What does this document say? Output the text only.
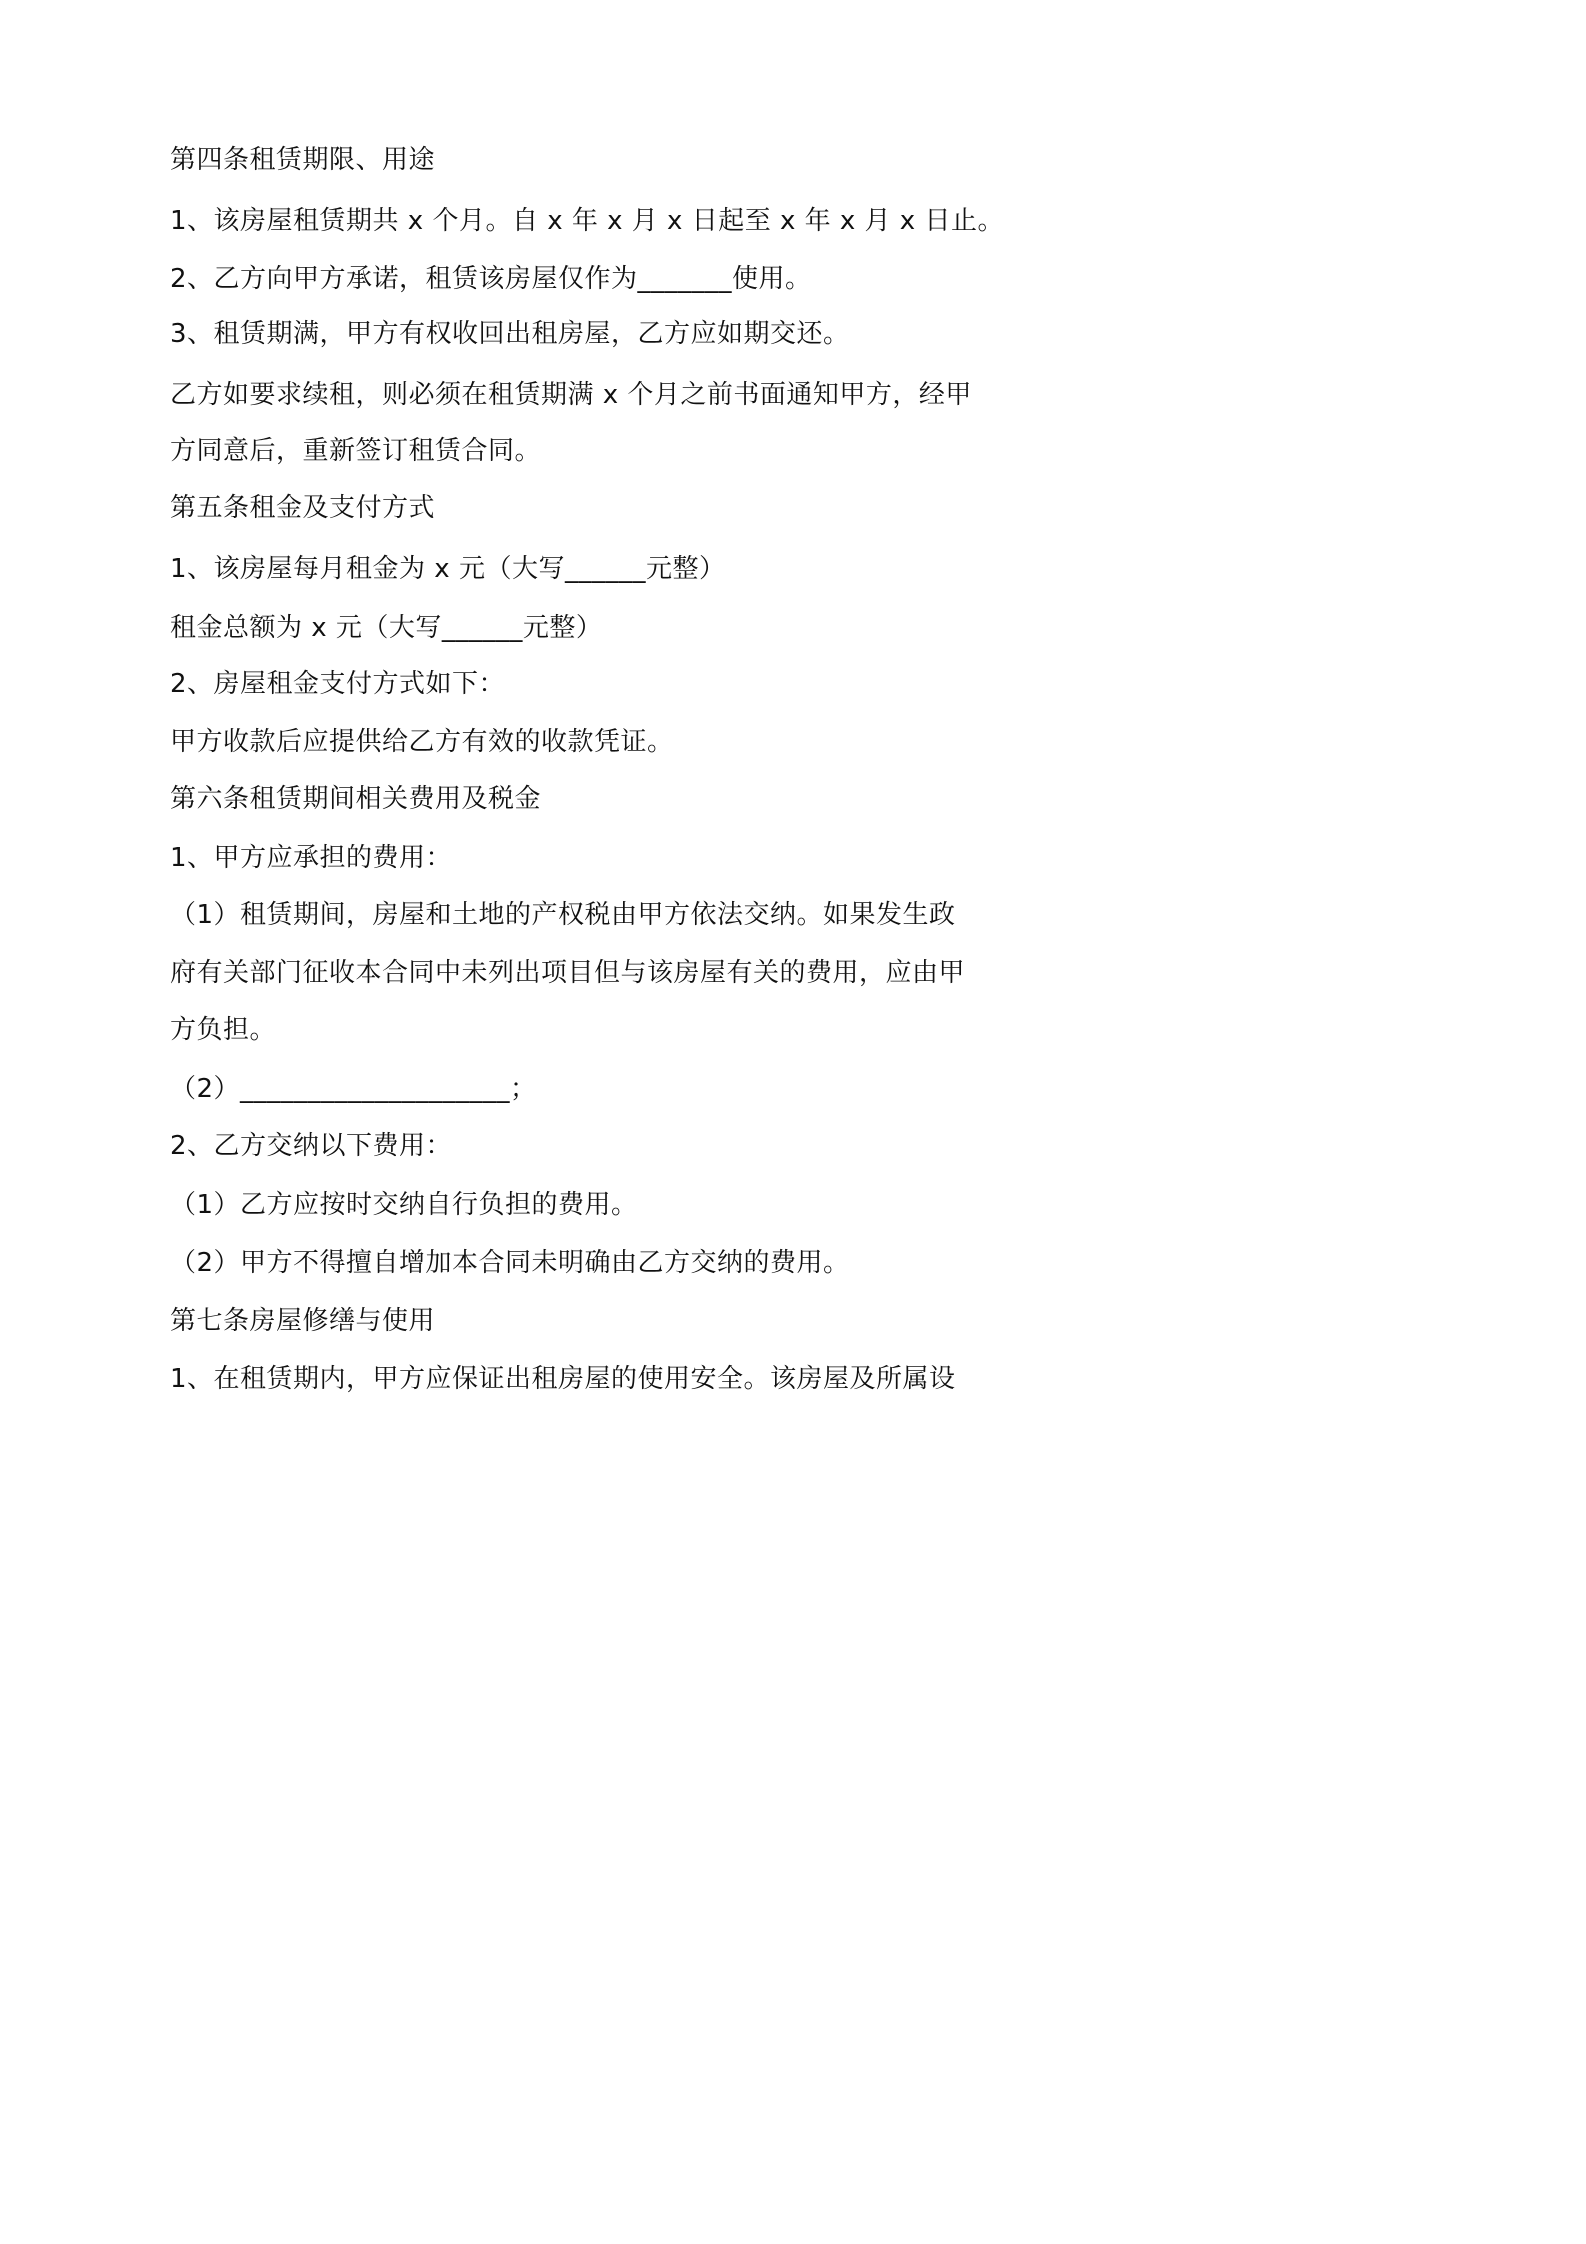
第四条租赁期限、用途

1、该房屋租赁期共 x 个月。自 x 年 x 月 x 日起至 x 年 x 月 x 日止。

2、乙方向甲方承诺，租赁该房屋仅作为_______使用。

3、租赁期满，甲方有权收回出租房屋，乙方应如期交还。

乙方如要求续租，则必须在租赁期满 x 个月之前书面通知甲方，经甲

方同意后，重新签订租赁合同。

第五条租金及支付方式

1、该房屋每月租金为 x 元（大写______元整）

租金总额为 x 元（大写______元整）

2、房屋租金支付方式如下：

甲方收款后应提供给乙方有效的收款凭证。

第六条租赁期间相关费用及税金

1、甲方应承担的费用：

（1）租赁期间，房屋和土地的产权税由甲方依法交纳。如果发生政

府有关部门征收本合同中未列出项目但与该房屋有关的费用，应由甲

方负担。

（2）____________________；

2、乙方交纳以下费用：

（1）乙方应按时交纳自行负担的费用。

（2）甲方不得擅自增加本合同未明确由乙方交纳的费用。

第七条房屋修缮与使用

1、在租赁期内，甲方应保证出租房屋的使用安全。该房屋及所属设
